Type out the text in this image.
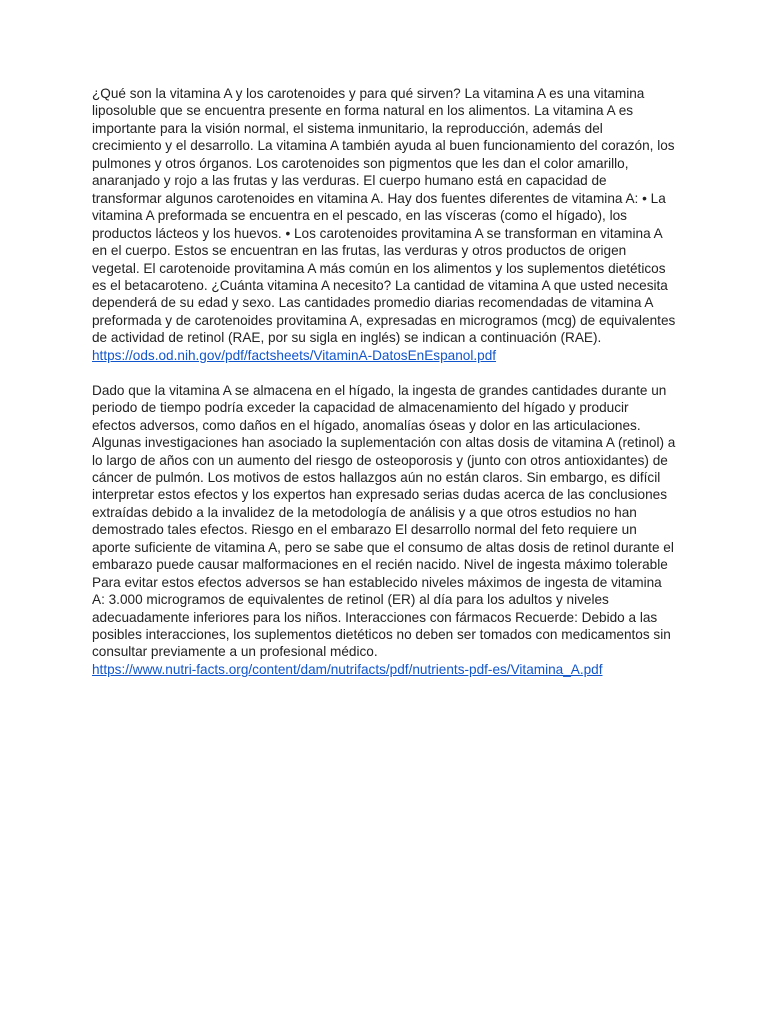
¿Qué son la vitamina A y los carotenoides y para qué sirven? La vitamina A es una vitamina liposoluble que se encuentra presente en forma natural en los alimentos. La vitamina A es importante para la visión normal, el sistema inmunitario, la reproducción, además del crecimiento y el desarrollo. La vitamina A también ayuda al buen funcionamiento del corazón, los pulmones y otros órganos. Los carotenoides son pigmentos que les dan el color amarillo, anaranjado y rojo a las frutas y las verduras. El cuerpo humano está en capacidad de transformar algunos carotenoides en vitamina A. Hay dos fuentes diferentes de vitamina A: • La vitamina A preformada se encuentra en el pescado, en las vísceras (como el hígado), los productos lácteos y los huevos. • Los carotenoides provitamina A se transforman en vitamina A en el cuerpo. Estos se encuentran en las frutas, las verduras y otros productos de origen vegetal. El carotenoide provitamina A más común en los alimentos y los suplementos dietéticos es el betacaroteno. ¿Cuánta vitamina A necesito? La cantidad de vitamina A que usted necesita dependerá de su edad y sexo. Las cantidades promedio diarias recomendadas de vitamina A preformada y de carotenoides provitamina A, expresadas en microgramos (mcg) de equivalentes de actividad de retinol (RAE, por su sigla en inglés) se indican a continuación (RAE).

https://ods.od.nih.gov/pdf/factsheets/VitaminA-DatosEnEspanol.pdf

Dado que la vitamina A se almacena en el hígado, la ingesta de grandes cantidades durante un periodo de tiempo podría exceder la capacidad de almacenamiento del hígado y producir efectos adversos, como daños en el hígado, anomalías óseas y dolor en las articulaciones. Algunas investigaciones han asociado la suplementación con altas dosis de vitamina A (retinol) a lo largo de años con un aumento del riesgo de osteoporosis y (junto con otros antioxidantes) de cáncer de pulmón. Los motivos de estos hallazgos aún no están claros. Sin embargo, es difícil interpretar estos efectos y los expertos han expresado serias dudas acerca de las conclusiones extraídas debido a la invalidez de la metodología de análisis y a que otros estudios no han demostrado tales efectos. Riesgo en el embarazo El desarrollo normal del feto requiere un aporte suficiente de vitamina A, pero se sabe que el consumo de altas dosis de retinol durante el embarazo puede causar malformaciones en el recién nacido. Nivel de ingesta máximo tolerable Para evitar estos efectos adversos se han establecido niveles máximos de ingesta de vitamina A: 3.000 microgramos de equivalentes de retinol (ER) al día para los adultos y niveles adecuadamente inferiores para los niños. Interacciones con fármacos Recuerde: Debido a las posibles interacciones, los suplementos dietéticos no deben ser tomados con medicamentos sin consultar previamente a un profesional médico.

https://www.nutri-facts.org/content/dam/nutrifacts/pdf/nutrients-pdf-es/Vitamina_A.pdf
